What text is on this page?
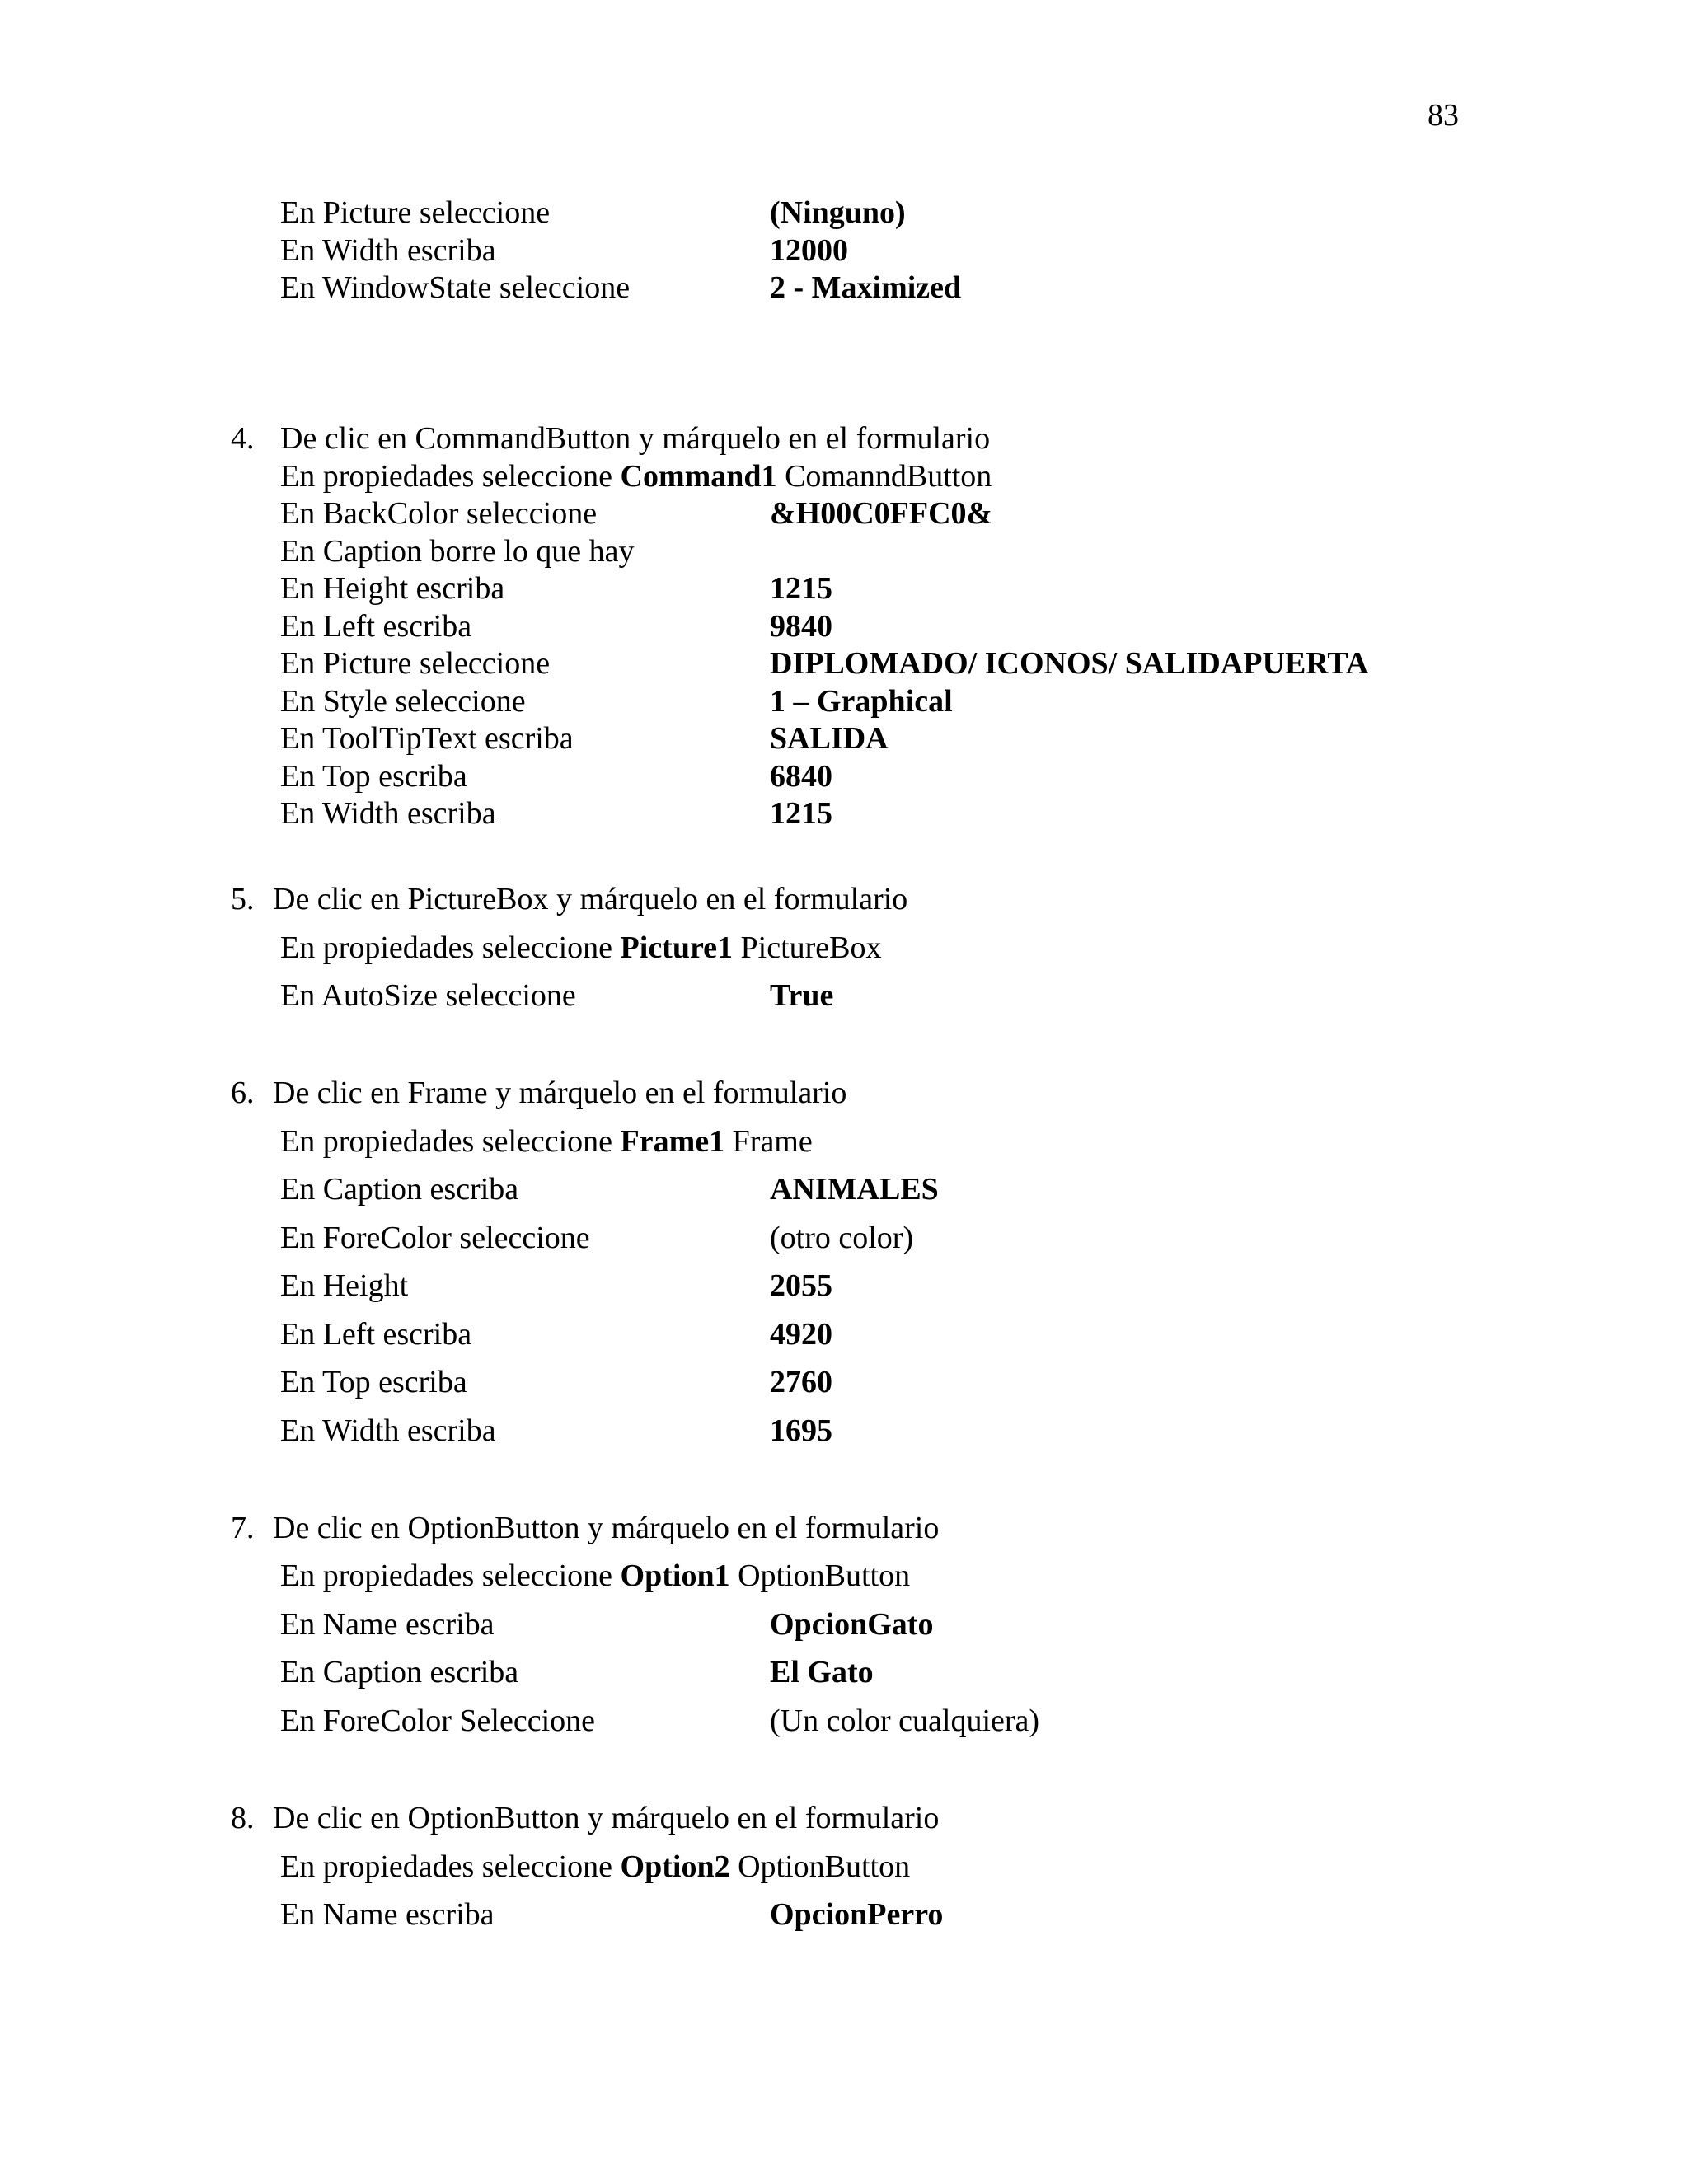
83
En Picture seleccione	(Ninguno)
En Width escriba	12000
En WindowState seleccione	2 - Maximized
4. De clic en CommandButton y márquelo en el formulario
En propiedades seleccione Command1 ComanndButton
En BackColor seleccione	&H00C0FFC0&
En Caption borre lo que hay
En Height escriba	1215
En Left escriba	9840
En Picture seleccione	DIPLOMADO/ ICONOS/ SALIDAPUERTA
En Style seleccione	1 – Graphical
En ToolTipText escriba	SALIDA
En Top escriba	6840
En Width escriba	1215
5. De clic en PictureBox y márquelo en el formulario
En propiedades seleccione Picture1 PictureBox
En AutoSize seleccione	True
6. De clic en Frame y márquelo en el formulario
En propiedades seleccione Frame1 Frame
En Caption escriba	ANIMALES
En ForeColor seleccione	(otro color)
En Height	2055
En Left escriba	4920
En Top escriba	2760
En Width escriba	1695
7. De clic en OptionButton y márquelo en el formulario
En propiedades seleccione Option1 OptionButton
En Name escriba	OpcionGato
En Caption escriba	El Gato
En ForeColor Seleccione	(Un color cualquiera)
8. De clic en OptionButton y márquelo en el formulario
En propiedades seleccione Option2 OptionButton
En Name escriba	OpcionPerro
